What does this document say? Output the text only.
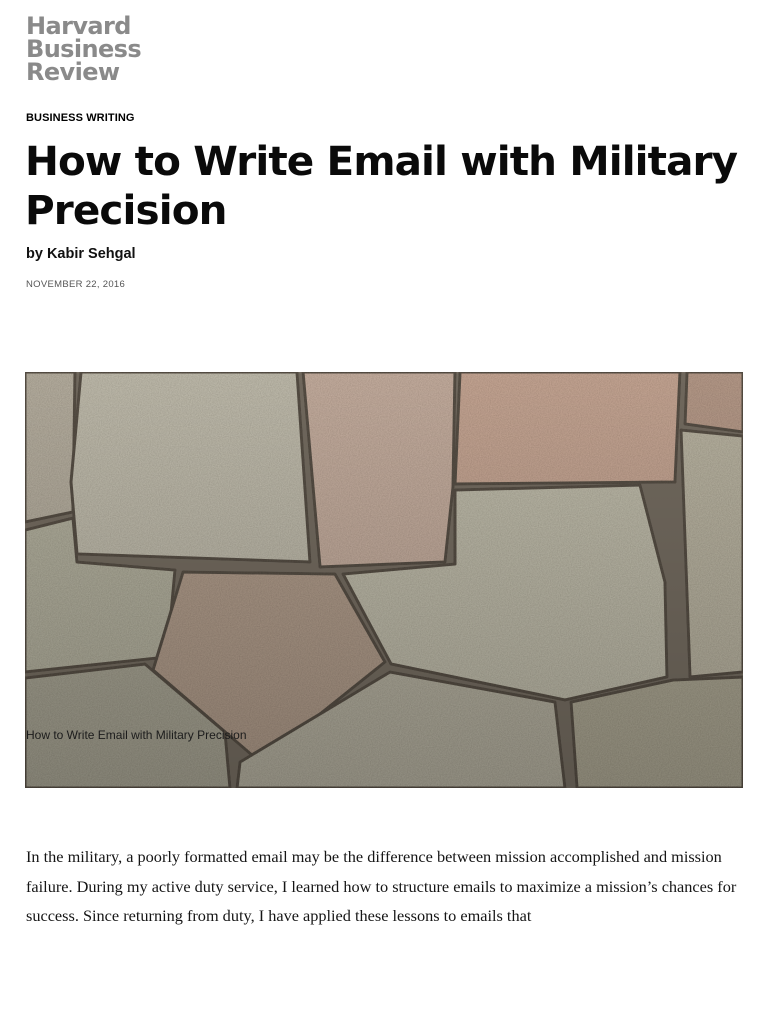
Harvard
Business
Review
BUSINESS WRITING
How to Write Email with Military Precision
by Kabir Sehgal
NOVEMBER 22, 2016
How to Write Email with Military Precision

In the military, a poorly formatted email may be the difference between mission accomplished and mission failure. During my active duty service, I learned how to structure emails to maximize a mission’s chances for success. Since returning from duty, I have applied these lessons to emails that
